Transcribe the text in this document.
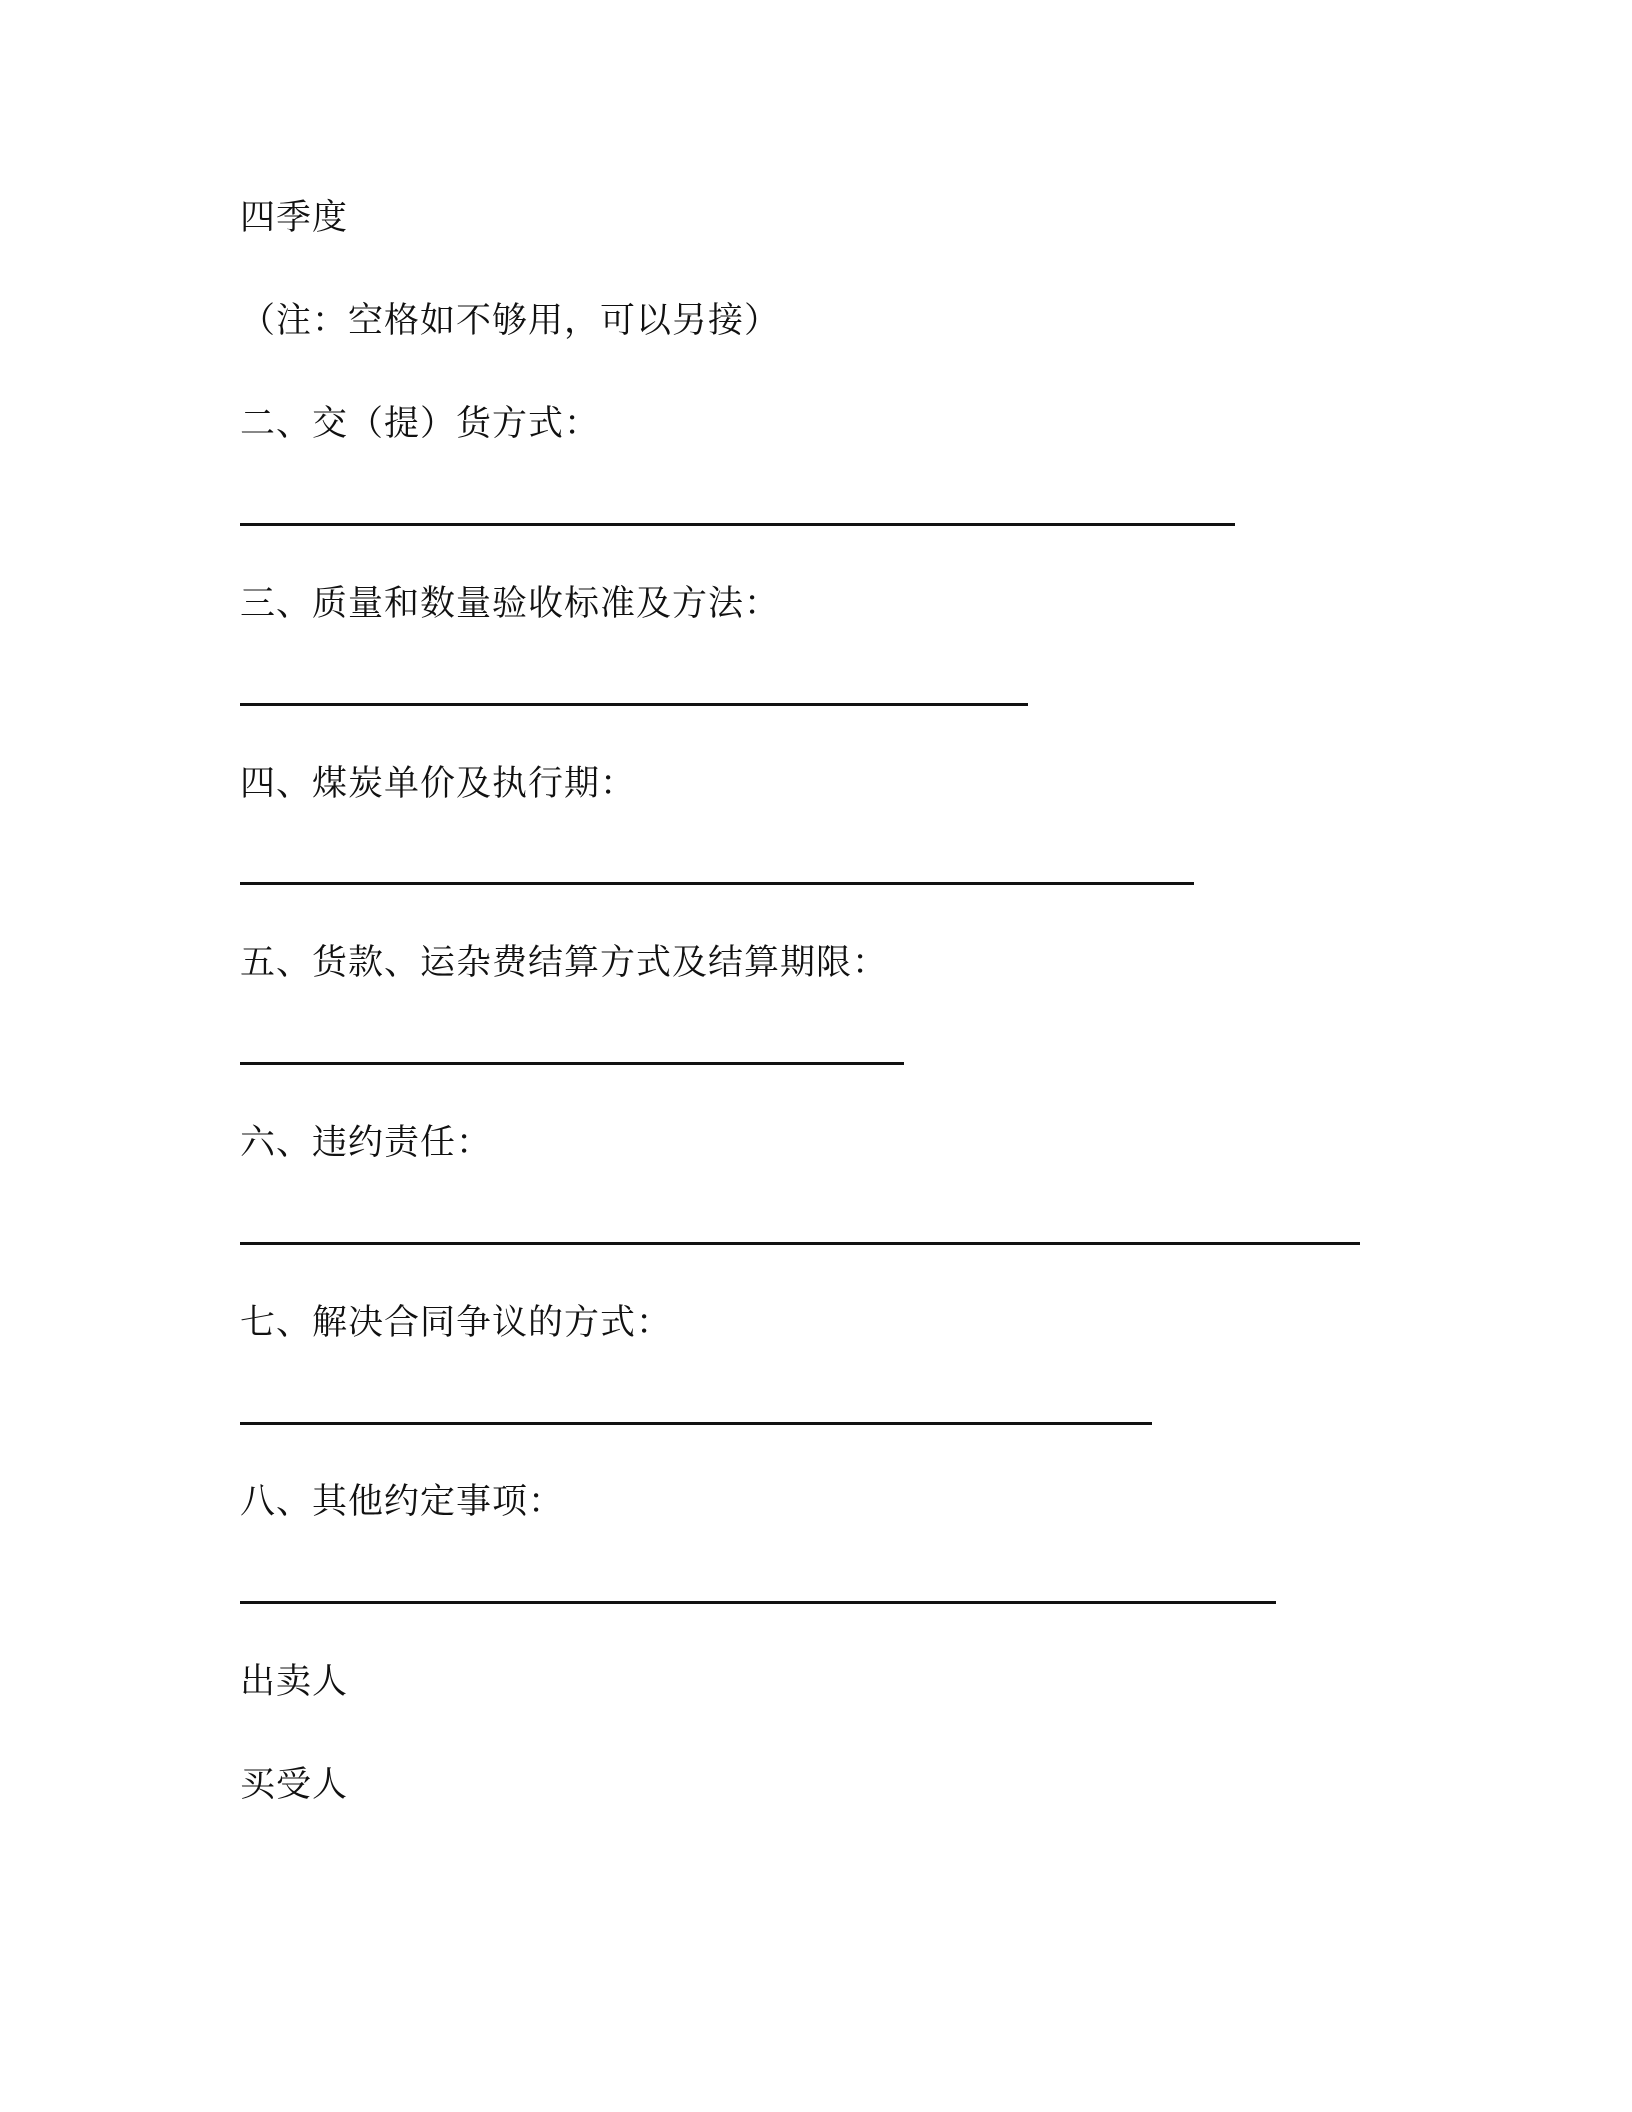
四季度
（注：空格如不够用，可以另接）
二、交（提）货方式：
三、质量和数量验收标准及方法：
四、煤炭单价及执行期：
五、货款、运杂费结算方式及结算期限：
六、违约责任：
七、解决合同争议的方式：
八、其他约定事项：
出卖人
买受人
